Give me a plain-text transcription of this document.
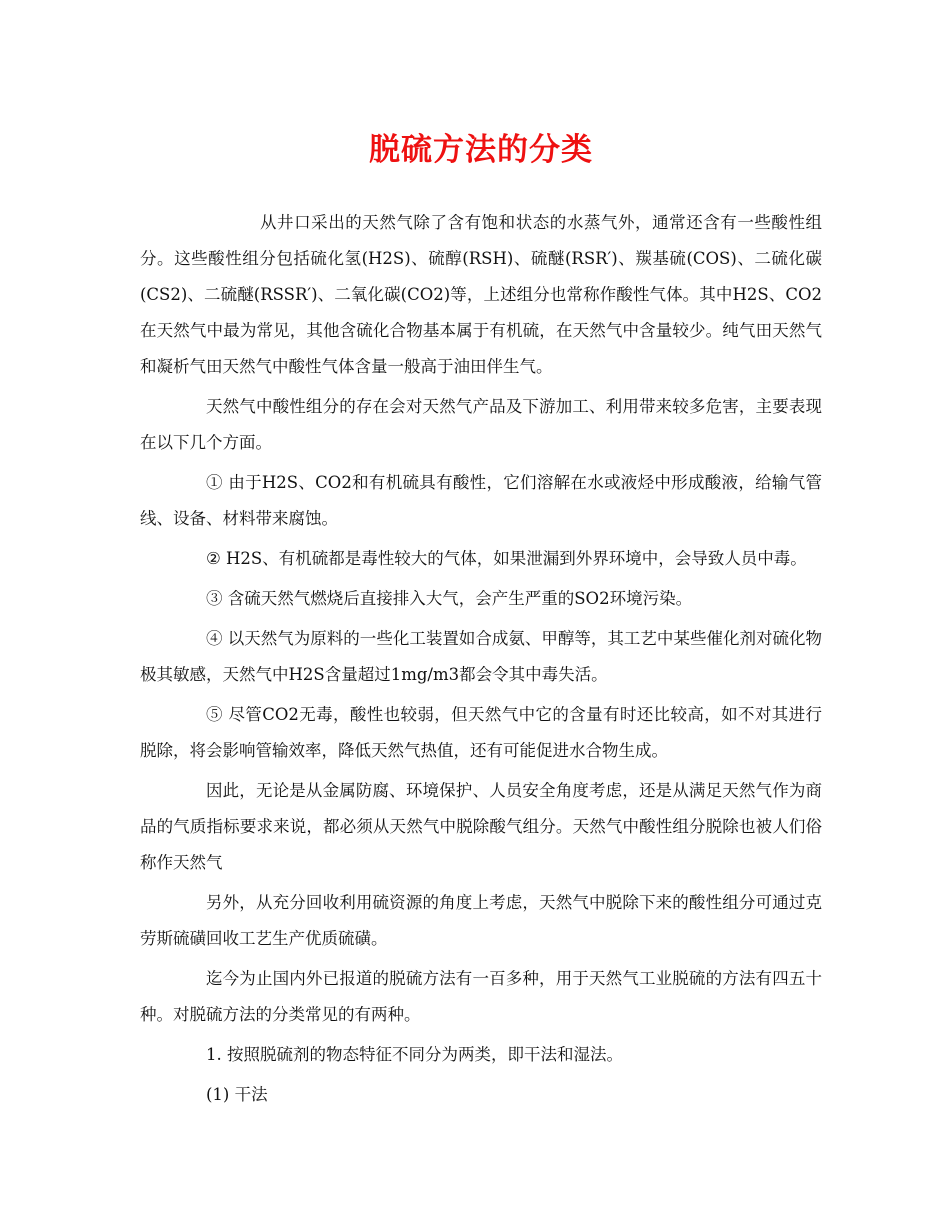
脱硫方法的分类

从井口采出的天然气除了含有饱和状态的水蒸气外，通常还含有一些酸性组分。这些酸性组分包括硫化氢(H2S)、硫醇(RSH)、硫醚(RSR′)、羰基硫(COS)、二硫化碳(CS2)、二硫醚(RSSR′)、二氧化碳(CO2)等，上述组分也常称作酸性气体。其中H2S、CO2在天然气中最为常见，其他含硫化合物基本属于有机硫，在天然气中含量较少。纯气田天然气和凝析气田天然气中酸性气体含量一般高于油田伴生气。

天然气中酸性组分的存在会对天然气产品及下游加工、利用带来较多危害，主要表现在以下几个方面。

① 由于H2S、CO2和有机硫具有酸性，它们溶解在水或液烃中形成酸液，给输气管线、设备、材料带来腐蚀。

② H2S、有机硫都是毒性较大的气体，如果泄漏到外界环境中，会导致人员中毒。

③ 含硫天然气燃烧后直接排入大气，会产生严重的SO2环境污染。

④ 以天然气为原料的一些化工装置如合成氨、甲醇等，其工艺中某些催化剂对硫化物极其敏感，天然气中H2S含量超过1mg/m3都会令其中毒失活。

⑤ 尽管CO2无毒，酸性也较弱，但天然气中它的含量有时还比较高，如不对其进行脱除，将会影响管输效率，降低天然气热值，还有可能促进水合物生成。

因此，无论是从金属防腐、环境保护、人员安全角度考虑，还是从满足天然气作为商品的气质指标要求来说，都必须从天然气中脱除酸气组分。天然气中酸性组分脱除也被人们俗称作天然气

另外，从充分回收利用硫资源的角度上考虑，天然气中脱除下来的酸性组分可通过克劳斯硫磺回收工艺生产优质硫磺。

迄今为止国内外已报道的脱硫方法有一百多种，用于天然气工业脱硫的方法有四五十种。对脱硫方法的分类常见的有两种。

1. 按照脱硫剂的物态特征不同分为两类，即干法和湿法。

(1) 干法
